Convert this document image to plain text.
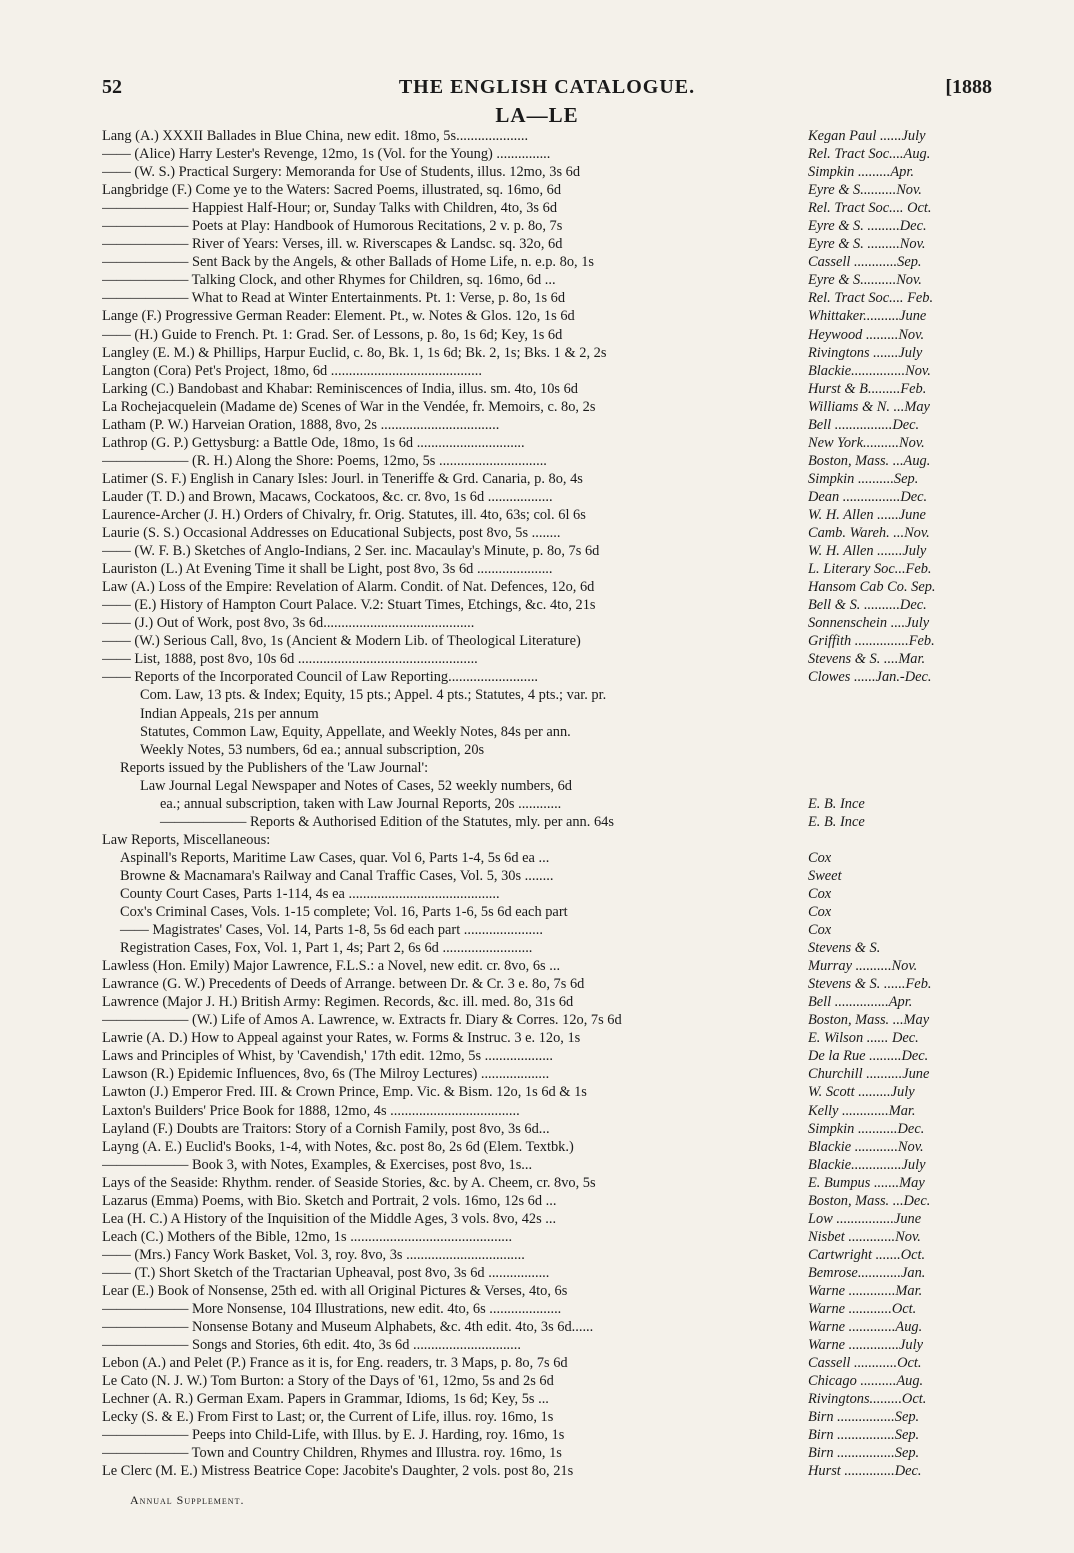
52	THE ENGLISH CATALOGUE.	[1888
LA—LE
Lang (A.) XXXII Ballades in Blue China, new edit. 18mo, 5s....................	Kegan Paul ......July
—— (Alice) Harry Lester's Revenge, 12mo, 1s (Vol. for the Young) ...............	Rel. Tract Soc....Aug.
—— (W. S.) Practical Surgery: Memoranda for Use of Students, illus. 12mo, 3s 6d	Simpkin .........Apr.
Langbridge (F.) Come ye to the Waters: Sacred Poems, illustrated, sq. 16mo, 6d	Eyre & S..........Nov.
—————— Happiest Half-Hour; or, Sunday Talks with Children, 4to, 3s 6d	Rel. Tract Soc.... Oct.
—————— Poets at Play: Handbook of Humorous Recitations, 2 v. p. 8o, 7s	Eyre & S. .........Dec.
—————— River of Years: Verses, ill. w. Riverscapes & Landsc. sq. 32o, 6d	Eyre & S. .........Nov.
—————— Sent Back by the Angels, & other Ballads of Home Life, n. e.p. 8o, 1s	Cassell ............Sep.
—————— Talking Clock, and other Rhymes for Children, sq. 16mo, 6d ...	Eyre & S..........Nov.
—————— What to Read at Winter Entertainments. Pt. 1: Verse, p. 8o, 1s 6d	Rel. Tract Soc.... Feb.
Lange (F.) Progressive German Reader: Element. Pt., w. Notes & Glos. 12o, 1s 6d	Whittaker..........June
—— (H.) Guide to French. Pt. 1: Grad. Ser. of Lessons, p. 8o, 1s 6d; Key, 1s 6d	Heywood .........Nov.
Langley (E. M.) & Phillips, Harpur Euclid, c. 8o, Bk. 1, 1s 6d; Bk. 2, 1s; Bks. 1 & 2, 2s	Rivingtons .......July
Langton (Cora) Pet's Project, 18mo, 6d ..........................................	Blackie...............Nov.
Larking (C.) Bandobast and Khabar: Reminiscences of India, illus. sm. 4to, 10s 6d	Hurst & B.........Feb.
La Rochejacquelein (Madame de) Scenes of War in the Vendée, fr. Memoirs, c. 8o, 2s	Williams & N. ...May
Latham (P. W.) Harveian Oration, 1888, 8vo, 2s .................................	Bell ................Dec.
Lathrop (G. P.) Gettysburg: a Battle Ode, 18mo, 1s 6d ..............................	New York..........Nov.
—————— (R. H.) Along the Shore: Poems, 12mo, 5s ..............................	Boston, Mass. ...Aug.
Latimer (S. F.) English in Canary Isles: Jourl. in Teneriffe & Grd. Canaria, p. 8o, 4s	Simpkin ..........Sep.
Lauder (T. D.) and Brown, Macaws, Cockatoos, &c. cr. 8vo, 1s 6d ..................	Dean ................Dec.
Laurence-Archer (J. H.) Orders of Chivalry, fr. Orig. Statutes, ill. 4to, 63s; col. 6l 6s	W. H. Allen ......June
Laurie (S. S.) Occasional Addresses on Educational Subjects, post 8vo, 5s ........	Camb. Wareh. ...Nov.
—— (W. F. B.) Sketches of Anglo-Indians, 2 Ser. inc. Macaulay's Minute, p. 8o, 7s 6d	W. H. Allen .......July
Lauriston (L.) At Evening Time it shall be Light, post 8vo, 3s 6d .....................	L. Literary Soc...Feb.
Law (A.) Loss of the Empire: Revelation of Alarm. Condit. of Nat. Defences, 12o, 6d	Hansom Cab Co. Sep.
—— (E.) History of Hampton Court Palace. V.2: Stuart Times, Etchings, &c. 4to, 21s	Bell & S. ..........Dec.
—— (J.) Out of Work, post 8vo, 3s 6d..........................................	Sonnenschein ....July
—— (W.) Serious Call, 8vo, 1s (Ancient & Modern Lib. of Theological Literature)	Griffith ...............Feb.
—— List, 1888, post 8vo, 10s 6d ..................................................	Stevens & S. ....Mar.
—— Reports of the Incorporated Council of Law Reporting.........................	Clowes ......Jan.-Dec.
Com. Law, 13 pts. & Index; Equity, 15 pts.; Appel. 4 pts.; Statutes, 4 pts.; var. pr.
Indian Appeals, 21s per annum
Statutes, Common Law, Equity, Appellate, and Weekly Notes, 84s per ann.
Weekly Notes, 53 numbers, 6d ea.; annual subscription, 20s
Reports issued by the Publishers of the 'Law Journal':
Law Journal Legal Newspaper and Notes of Cases, 52 weekly numbers, 6d
ea.; annual subscription, taken with Law Journal Reports, 20s ............	E. B. Ince
—————— Reports & Authorised Edition of the Statutes, mly. per ann. 64s	E. B. Ince
Law Reports, Miscellaneous:
Aspinall's Reports, Maritime Law Cases, quar. Vol 6, Parts 1-4, 5s 6d ea ...	Cox
Browne & Macnamara's Railway and Canal Traffic Cases, Vol. 5, 30s ........	Sweet
County Court Cases, Parts 1-114, 4s ea ..........................................	Cox
Cox's Criminal Cases, Vols. 1-15 complete; Vol. 16, Parts 1-6, 5s 6d each part	Cox
—— Magistrates' Cases, Vol. 14, Parts 1-8, 5s 6d each part ......................	Cox
Registration Cases, Fox, Vol. 1, Part 1, 4s; Part 2, 6s 6d .........................	Stevens & S.
Lawless (Hon. Emily) Major Lawrence, F.L.S.: a Novel, new edit. cr. 8vo, 6s ...	Murray ..........Nov.
Lawrance (G. W.) Precedents of Deeds of Arrange. between Dr. & Cr. 3 e. 8o, 7s 6d	Stevens & S. ......Feb.
Lawrence (Major J. H.) British Army: Regimen. Records, &c. ill. med. 8o, 31s 6d	Bell ...............Apr.
—————— (W.) Life of Amos A. Lawrence, w. Extracts fr. Diary & Corres. 12o, 7s 6d	Boston, Mass. ...May
Lawrie (A. D.) How to Appeal against your Rates, w. Forms & Instruc. 3 e. 12o, 1s	E. Wilson ...... Dec.
Laws and Principles of Whist, by 'Cavendish,' 17th edit. 12mo, 5s ...................	De la Rue .........Dec.
Lawson (R.) Epidemic Influences, 8vo, 6s (The Milroy Lectures) ...................	Churchill ..........June
Lawton (J.) Emperor Fred. III. & Crown Prince, Emp. Vic. & Bism. 12o, 1s 6d & 1s	W. Scott .........July
Laxton's Builders' Price Book for 1888, 12mo, 4s ....................................	Kelly .............Mar.
Layland (F.) Doubts are Traitors: Story of a Cornish Family, post 8vo, 3s 6d...	Simpkin ...........Dec.
Layng (A. E.) Euclid's Books, 1-4, with Notes, &c. post 8o, 2s 6d (Elem. Textbk.)	Blackie ............Nov.
—————— Book 3, with Notes, Examples, & Exercises, post 8vo, 1s...	Blackie..............July
Lays of the Seaside: Rhythm. render. of Seaside Stories, &c. by A. Cheem, cr. 8vo, 5s	E. Bumpus .......May
Lazarus (Emma) Poems, with Bio. Sketch and Portrait, 2 vols. 16mo, 12s 6d ...	Boston, Mass. ...Dec.
Lea (H. C.) A History of the Inquisition of the Middle Ages, 3 vols. 8vo, 42s ...	Low ................June
Leach (C.) Mothers of the Bible, 12mo, 1s .............................................	Nisbet .............Nov.
—— (Mrs.) Fancy Work Basket, Vol. 3, roy. 8vo, 3s .................................	Cartwright .......Oct.
—— (T.) Short Sketch of the Tractarian Upheaval, post 8vo, 3s 6d .................	Bemrose............Jan.
Lear (E.) Book of Nonsense, 25th ed. with all Original Pictures & Verses, 4to, 6s	Warne .............Mar.
—————— More Nonsense, 104 Illustrations, new edit. 4to, 6s ....................	Warne ............Oct.
—————— Nonsense Botany and Museum Alphabets, &c. 4th edit. 4to, 3s 6d......	Warne .............Aug.
—————— Songs and Stories, 6th edit. 4to, 3s 6d ..............................	Warne ..............July
Lebon (A.) and Pelet (P.) France as it is, for Eng. readers, tr. 3 Maps, p. 8o, 7s 6d	Cassell ............Oct.
Le Cato (N. J. W.) Tom Burton: a Story of the Days of '61, 12mo, 5s and 2s 6d	Chicago ..........Aug.
Lechner (A. R.) German Exam. Papers in Grammar, Idioms, 1s 6d; Key, 5s ...	Rivingtons.........Oct.
Lecky (S. & E.) From First to Last; or, the Current of Life, illus. roy. 16mo, 1s	Birn ................Sep.
—————— Peeps into Child-Life, with Illus. by E. J. Harding, roy. 16mo, 1s	Birn ................Sep.
—————— Town and Country Children, Rhymes and Illustra. roy. 16mo, 1s	Birn ................Sep.
Le Clerc (M. E.) Mistress Beatrice Cope: Jacobite's Daughter, 2 vols. post 8o, 21s	Hurst ..............Dec.
Annual Supplement.
